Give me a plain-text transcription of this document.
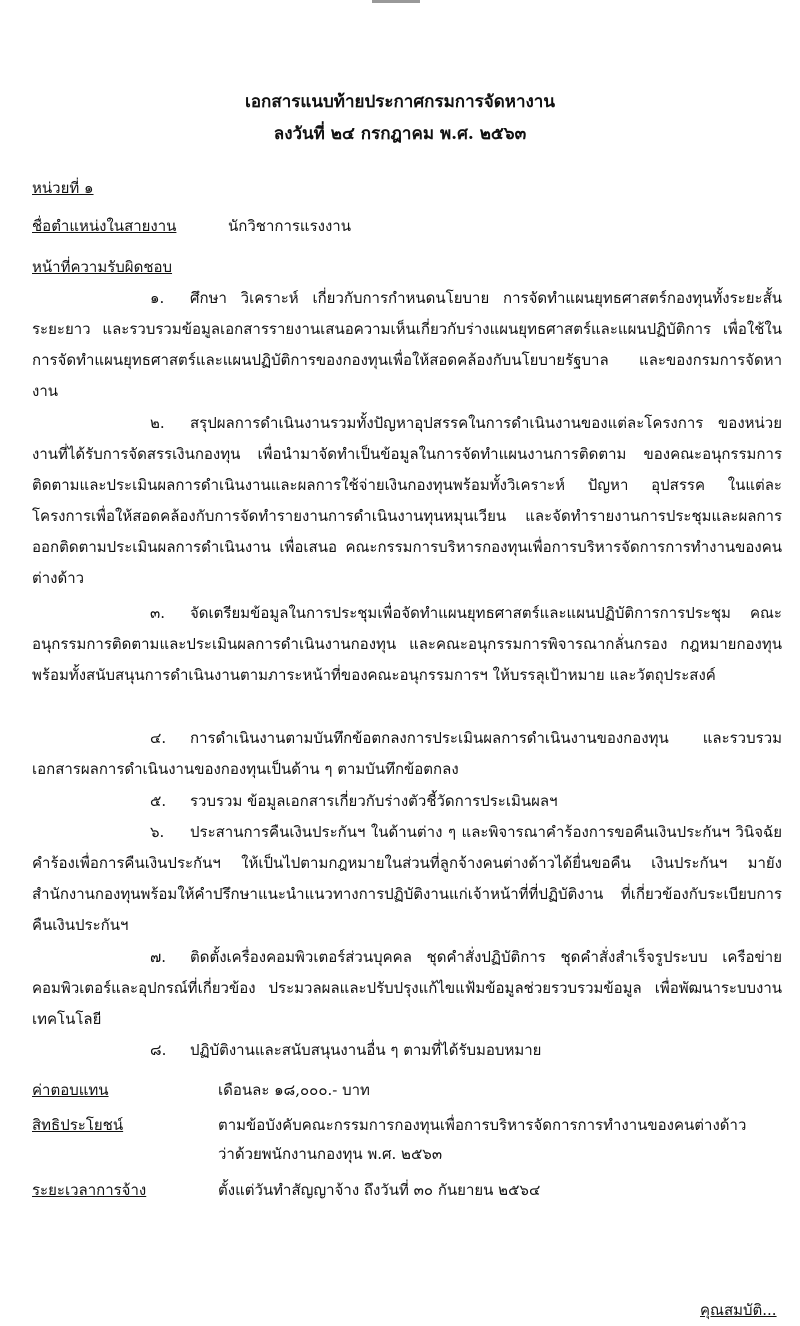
เอกสารแนบท้ายประกาศกรมการจัดหางาน
ลงวันที่ ๒๔ กรกฎาคม พ.ศ. ๒๕๖๓
หน่วยที่ ๑
ชื่อตำแหน่งในสายงาน	นักวิชาการแรงงาน
หน้าที่ความรับผิดชอบ
๑. ศึกษา วิเคราะห์ เกี่ยวกับการกำหนดนโยบาย การจัดทำแผนยุทธศาสตร์กองทุนทั้งระยะสั้น ระยะยาว และรวบรวมข้อมูลเอกสารรายงานเสนอความเห็นเกี่ยวกับร่างแผนยุทธศาสตร์และแผนปฏิบัติการ เพื่อใช้ในการจัดทำแผนยุทธศาสตร์และแผนปฏิบัติการของกองทุนเพื่อให้สอดคล้องกับนโยบายรัฐบาล และของกรมการจัดหางาน
๒. สรุปผลการดำเนินงานรวมทั้งปัญหาอุปสรรคในการดำเนินงานของแต่ละโครงการ ของหน่วยงานที่ได้รับการจัดสรรเงินกองทุน เพื่อนำมาจัดทำเป็นข้อมูลในการจัดทำแผนงานการติดตาม ของคณะอนุกรรมการติดตามและประเมินผลการดำเนินงานและผลการใช้จ่ายเงินกองทุนพร้อมทั้งวิเคราะห์ ปัญหา อุปสรรค ในแต่ละโครงการเพื่อให้สอดคล้องกับการจัดทำรายงานการดำเนินงานทุนหมุนเวียน และจัดทำรายงานการประชุมและผลการออกติดตามประเมินผลการดำเนินงาน เพื่อเสนอ คณะกรรมการบริหารกองทุนเพื่อการบริหารจัดการการทำงานของคนต่างด้าว
๓. จัดเตรียมข้อมูลในการประชุมเพื่อจัดทำแผนยุทธศาสตร์และแผนปฏิบัติการการประชุม คณะอนุกรรมการติดตามและประเมินผลการดำเนินงานกองทุน และคณะอนุกรรมการพิจารณากลั่นกรอง กฎหมายกองทุน พร้อมทั้งสนับสนุนการดำเนินงานตามภาระหน้าที่ของคณะอนุกรรมการฯ ให้บรรลุเป้าหมาย และวัตถุประสงค์
๔. การดำเนินงานตามบันทึกข้อตกลงการประเมินผลการดำเนินงานของกองทุน และรวบรวมเอกสารผลการดำเนินงานของกองทุนเป็นด้าน ๆ ตามบันทึกข้อตกลง
๕. รวบรวม ข้อมูลเอกสารเกี่ยวกับร่างตัวชี้วัดการประเมินผลฯ
๖. ประสานการคืนเงินประกันฯ ในด้านต่าง ๆ และพิจารณาคำร้องการขอคืนเงินประกันฯ วินิจฉัยคำร้องเพื่อการคืนเงินประกันฯ ให้เป็นไปตามกฎหมายในส่วนที่ลูกจ้างคนต่างด้าวได้ยื่นขอคืน เงินประกันฯ มายังสำนักงานกองทุนพร้อมให้คำปรึกษาแนะนำแนวทางการปฏิบัติงานแก่เจ้าหน้าที่ที่ปฏิบัติงาน ที่เกี่ยวข้องกับระเบียบการคืนเงินประกันฯ
๗. ติดตั้งเครื่องคอมพิวเตอร์ส่วนบุคคล ชุดคำสั่งปฏิบัติการ ชุดคำสั่งสำเร็จรูประบบ เครือข่ายคอมพิวเตอร์และอุปกรณ์ที่เกี่ยวข้อง ประมวลผลและปรับปรุงแก้ไขแฟ้มข้อมูลช่วยรวบรวมข้อมูล เพื่อพัฒนาระบบงานเทคโนโลยี
๘. ปฏิบัติงานและสนับสนุนงานอื่น ๆ ตามที่ได้รับมอบหมาย
ค่าตอบแทน	เดือนละ ๑๘,๐๐๐.- บาท
สิทธิประโยชน์	ตามข้อบังคับคณะกรรมการกองทุนเพื่อการบริหารจัดการการทำงานของคนต่างด้าว
ว่าด้วยพนักงานกองทุน พ.ศ. ๒๕๖๓
ระยะเวลาการจ้าง	ตั้งแต่วันทำสัญญาจ้าง ถึงวันที่ ๓๐ กันยายน ๒๕๖๔
คุณสมบัติ...
